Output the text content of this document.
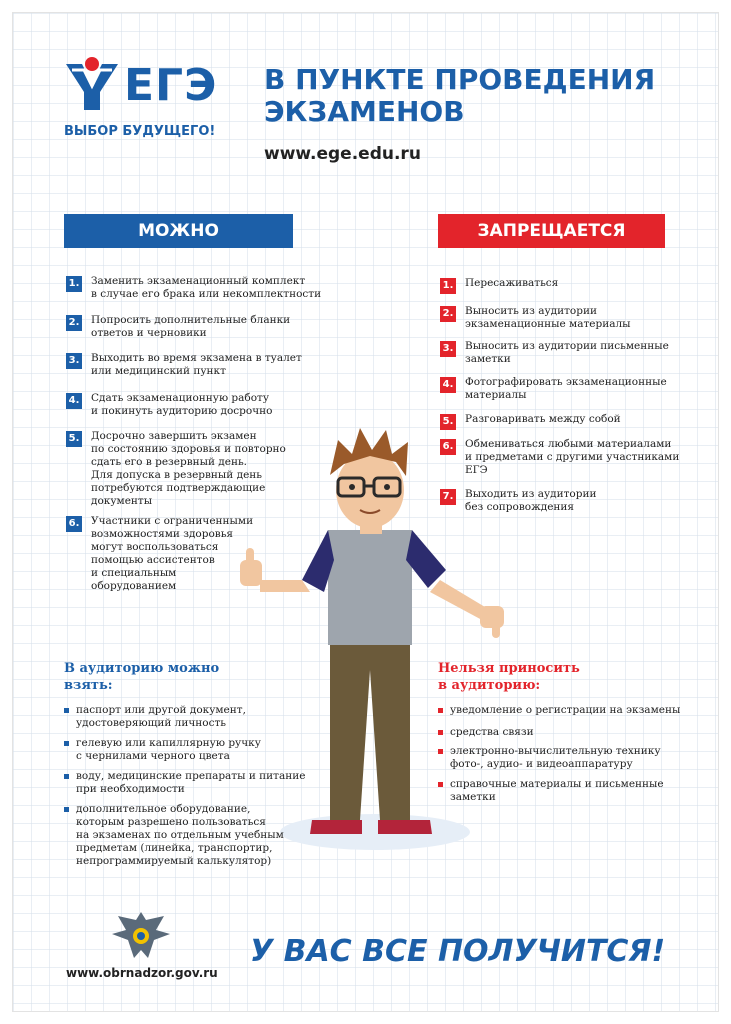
ЕГЭ
ВЫБОР БУДУЩЕГО!
В ПУНКТЕ ПРОВЕДЕНИЯ
ЭКЗАМЕНОВ
www.ege.edu.ru
МОЖНО	ЗАПРЕЩАЕТСЯ
1. Заменить экзаменационный комплект
в случае его брака или некомплектности
2. Попросить дополнительные бланки
ответов и черновики
3. Выходить во время экзамена в туалет
или медицинский пункт
4. Сдать экзаменационную работу
и покинуть аудиторию досрочно
5. Досрочно завершить экзамен
по состоянию здоровья и повторно
сдать его в резервный день.
Для допуска в резервный день
потребуются подтверждающие
документы
6. Участники с ограниченными
возможностями здоровья
могут воспользоваться
помощью ассистентов
и специальным
оборудованием
1. Пересаживаться
2. Выносить из аудитории
экзаменационные материалы
3. Выносить из аудитории письменные
заметки
4. Фотографировать экзаменационные
материалы
5. Разговаривать между собой
6. Обмениваться любыми материалами
и предметами с другими участниками
ЕГЭ
7. Выходить из аудитории
без сопровождения
В аудиторию можно
взять:
паспорт или другой документ,
удостоверяющий личность
гелевую или капиллярную ручку
с чернилами черного цвета
воду, медицинские препараты и питание
при необходимости
дополнительное оборудование,
которым разрешено пользоваться
на экзаменах по отдельным учебным
предметам (линейка, транспортир,
непрограммируемый калькулятор)
Нельзя приносить
в аудиторию:
уведомление о регистрации на экзамены
средства связи
электронно-вычислительную технику
фото-, аудио- и видеоаппаратуру
справочные материалы и письменные
заметки
www.obrnadzor.gov.ru
У ВАС ВСЕ ПОЛУЧИТСЯ!
